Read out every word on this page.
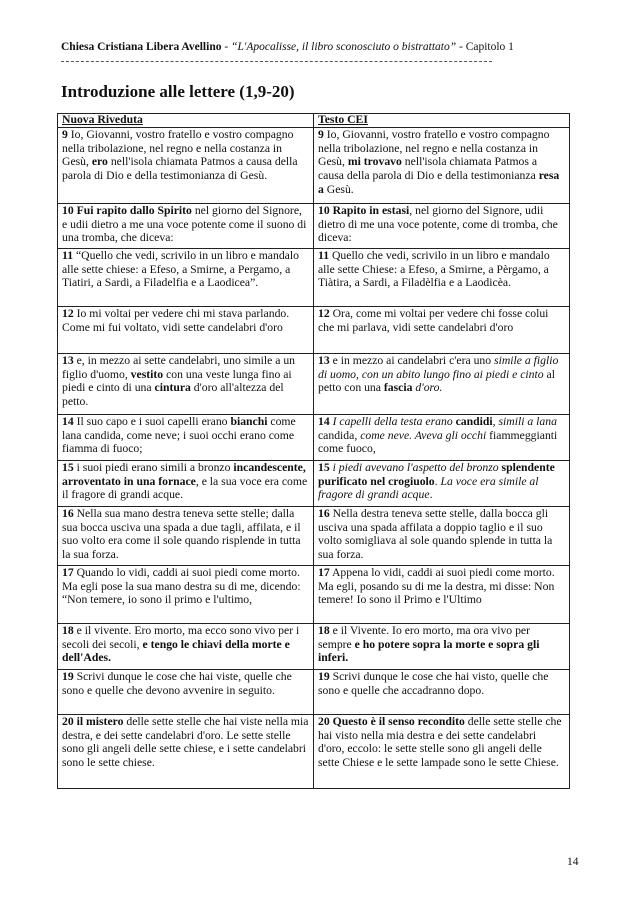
Chiesa Cristiana Libera Avellino - “L'Apocalisse, il libro sconosciuto o bistrattato” - Capitolo 1
Introduzione alle lettere (1,9-20)
Nuova Riveduta	Testo CEI
9 Io, Giovanni, vostro fratello e vostro compagno nella tribolazione, nel regno e nella costanza in Gesù, ero nell'isola chiamata Patmos a causa della parola di Dio e della testimonianza di Gesù.	9 Io, Giovanni, vostro fratello e vostro compagno nella tribolazione, nel regno e nella costanza in Gesù, mi trovavo nell'isola chiamata Patmos a causa della parola di Dio e della testimonianza resa a Gesù.
10 Fui rapito dallo Spirito nel giorno del Signore, e udii dietro a me una voce potente come il suono di una tromba, che diceva:	10 Rapito in estasi, nel giorno del Signore, udii dietro di me una voce potente, come di tromba, che diceva:
11 “Quello che vedi, scrivilo in un libro e mandalo alle sette chiese: a Efeso, a Smirne, a Pergamo, a Tiatiri, a Sardi, a Filadelfia e a Laodicea”.	11 Quello che vedi, scrivilo in un libro e mandalo alle sette Chiese: a Efeso, a Smirne, a Pèrgamo, a Tiàtira, a Sardi, a Filadèlfia e a Laodicèa.
12 Io mi voltai per vedere chi mi stava parlando. Come mi fui voltato, vidi sette candelabri d'oro	12 Ora, come mi voltai per vedere chi fosse colui che mi parlava, vidi sette candelabri d'oro
13 e, in mezzo ai sette candelabri, uno simile a un figlio d'uomo, vestito con una veste lunga fino ai piedi e cinto di una cintura d'oro all'altezza del petto.	13 e in mezzo ai candelabri c'era uno simile a figlio di uomo, con un abito lungo fino ai piedi e cinto al petto con una fascia d'oro.
14 Il suo capo e i suoi capelli erano bianchi come lana candida, come neve; i suoi occhi erano come fiamma di fuoco;	14 I capelli della testa erano candidi, simili a lana candida, come neve. Aveva gli occhi fiammeggianti come fuoco,
15 i suoi piedi erano simili a bronzo incandescente, arroventato in una fornace, e la sua voce era come il fragore di grandi acque.	15 i piedi avevano l'aspetto del bronzo splendente purificato nel crogiuolo. La voce era simile al fragore di grandi acque.
16 Nella sua mano destra teneva sette stelle; dalla sua bocca usciva una spada a due tagli, affilata, e il suo volto era come il sole quando risplende in tutta la sua forza.	16 Nella destra teneva sette stelle, dalla bocca gli usciva una spada affilata a doppio taglio e il suo volto somigliava al sole quando splende in tutta la sua forza.
17 Quando lo vidi, caddi ai suoi piedi come morto. Ma egli pose la sua mano destra su di me, dicendo: “Non temere, io sono il primo e l'ultimo,	17 Appena lo vidi, caddi ai suoi piedi come morto. Ma egli, posando su di me la destra, mi disse: Non temere! Io sono il Primo e l'Ultimo
18 e il vivente. Ero morto, ma ecco sono vivo per i secoli dei secoli, e tengo le chiavi della morte e dell'Ades.	18 e il Vivente. Io ero morto, ma ora vivo per sempre e ho potere sopra la morte e sopra gli inferi.
19 Scrivi dunque le cose che hai viste, quelle che sono e quelle che devono avvenire in seguito.	19 Scrivi dunque le cose che hai visto, quelle che sono e quelle che accadranno dopo.
20 il mistero delle sette stelle che hai viste nella mia destra, e dei sette candelabri d'oro. Le sette stelle sono gli angeli delle sette chiese, e i sette candelabri sono le sette chiese.	20 Questo è il senso recondito delle sette stelle che hai visto nella mia destra e dei sette candelabri d'oro, eccolo: le sette stelle sono gli angeli delle sette Chiese e le sette lampade sono le sette Chiese.
14
